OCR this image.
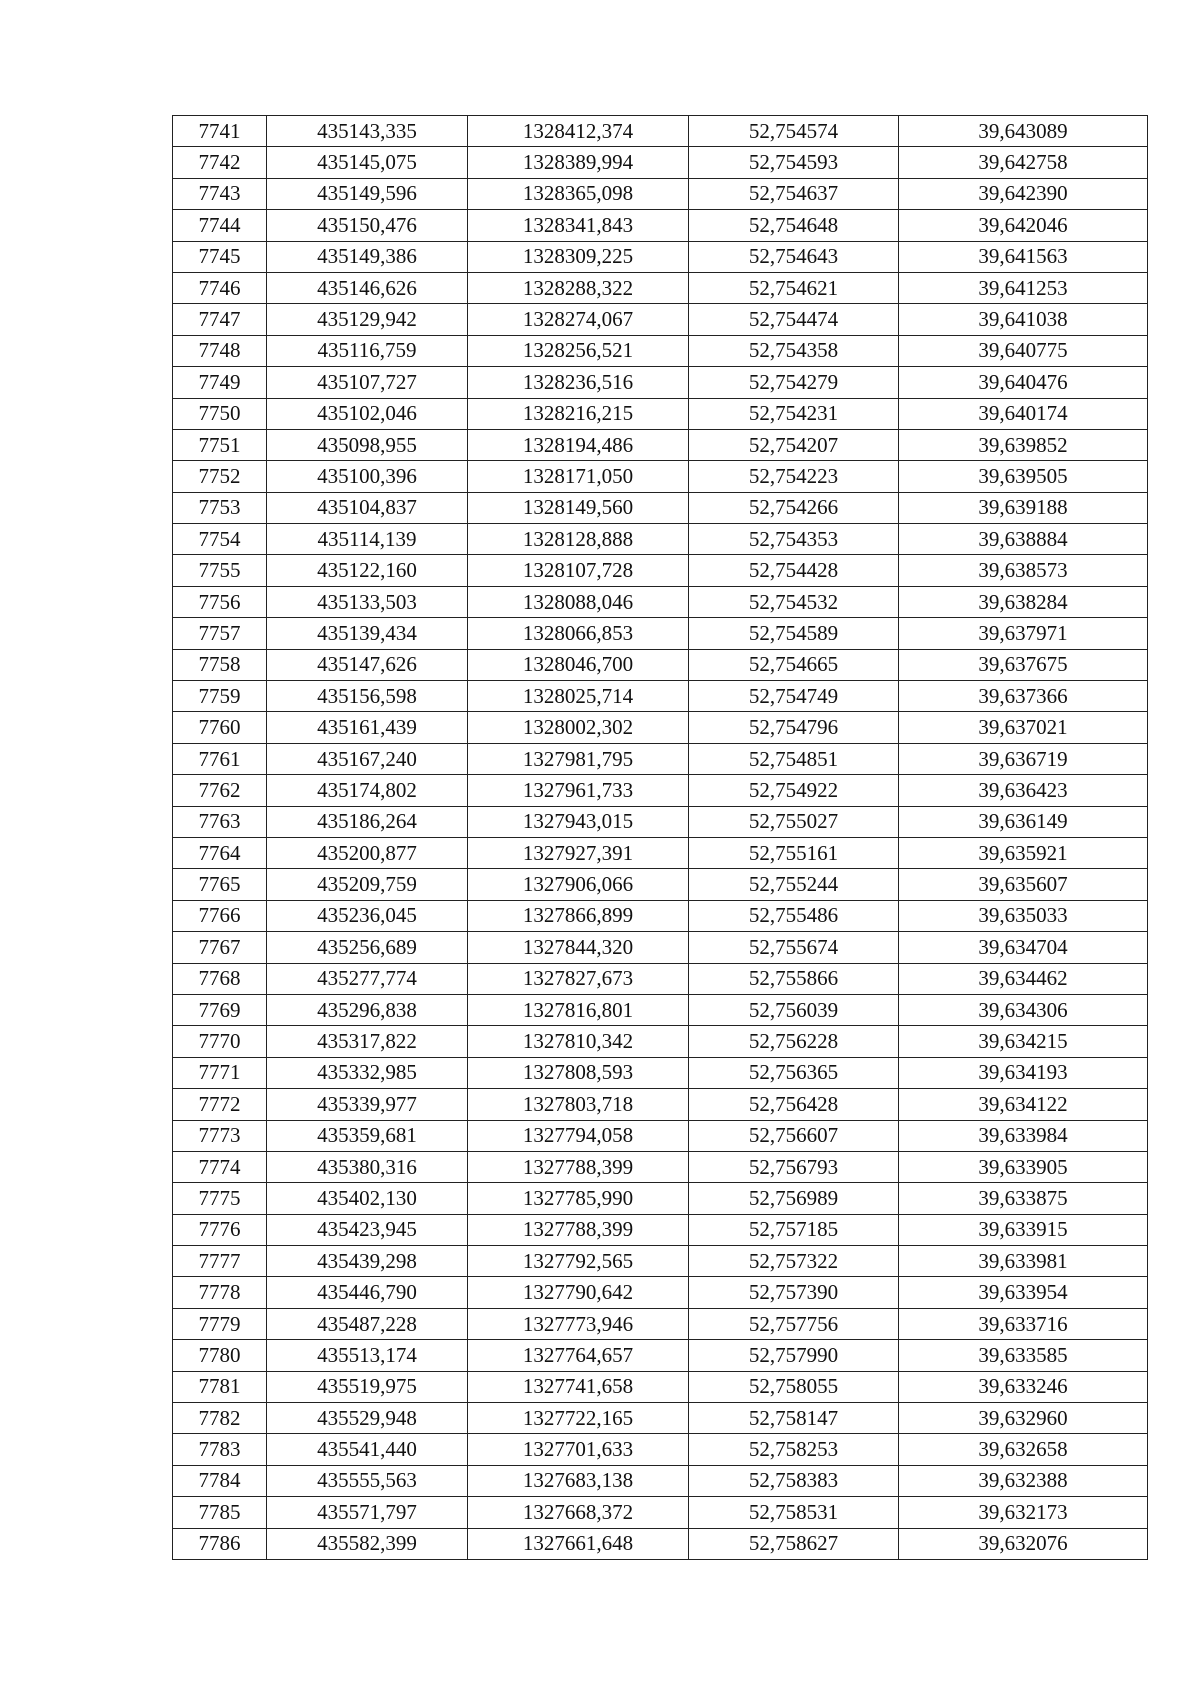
7741	435143,335	1328412,374	52,754574	39,643089
7742	435145,075	1328389,994	52,754593	39,642758
7743	435149,596	1328365,098	52,754637	39,642390
7744	435150,476	1328341,843	52,754648	39,642046
7745	435149,386	1328309,225	52,754643	39,641563
7746	435146,626	1328288,322	52,754621	39,641253
7747	435129,942	1328274,067	52,754474	39,641038
7748	435116,759	1328256,521	52,754358	39,640775
7749	435107,727	1328236,516	52,754279	39,640476
7750	435102,046	1328216,215	52,754231	39,640174
7751	435098,955	1328194,486	52,754207	39,639852
7752	435100,396	1328171,050	52,754223	39,639505
7753	435104,837	1328149,560	52,754266	39,639188
7754	435114,139	1328128,888	52,754353	39,638884
7755	435122,160	1328107,728	52,754428	39,638573
7756	435133,503	1328088,046	52,754532	39,638284
7757	435139,434	1328066,853	52,754589	39,637971
7758	435147,626	1328046,700	52,754665	39,637675
7759	435156,598	1328025,714	52,754749	39,637366
7760	435161,439	1328002,302	52,754796	39,637021
7761	435167,240	1327981,795	52,754851	39,636719
7762	435174,802	1327961,733	52,754922	39,636423
7763	435186,264	1327943,015	52,755027	39,636149
7764	435200,877	1327927,391	52,755161	39,635921
7765	435209,759	1327906,066	52,755244	39,635607
7766	435236,045	1327866,899	52,755486	39,635033
7767	435256,689	1327844,320	52,755674	39,634704
7768	435277,774	1327827,673	52,755866	39,634462
7769	435296,838	1327816,801	52,756039	39,634306
7770	435317,822	1327810,342	52,756228	39,634215
7771	435332,985	1327808,593	52,756365	39,634193
7772	435339,977	1327803,718	52,756428	39,634122
7773	435359,681	1327794,058	52,756607	39,633984
7774	435380,316	1327788,399	52,756793	39,633905
7775	435402,130	1327785,990	52,756989	39,633875
7776	435423,945	1327788,399	52,757185	39,633915
7777	435439,298	1327792,565	52,757322	39,633981
7778	435446,790	1327790,642	52,757390	39,633954
7779	435487,228	1327773,946	52,757756	39,633716
7780	435513,174	1327764,657	52,757990	39,633585
7781	435519,975	1327741,658	52,758055	39,633246
7782	435529,948	1327722,165	52,758147	39,632960
7783	435541,440	1327701,633	52,758253	39,632658
7784	435555,563	1327683,138	52,758383	39,632388
7785	435571,797	1327668,372	52,758531	39,632173
7786	435582,399	1327661,648	52,758627	39,632076
